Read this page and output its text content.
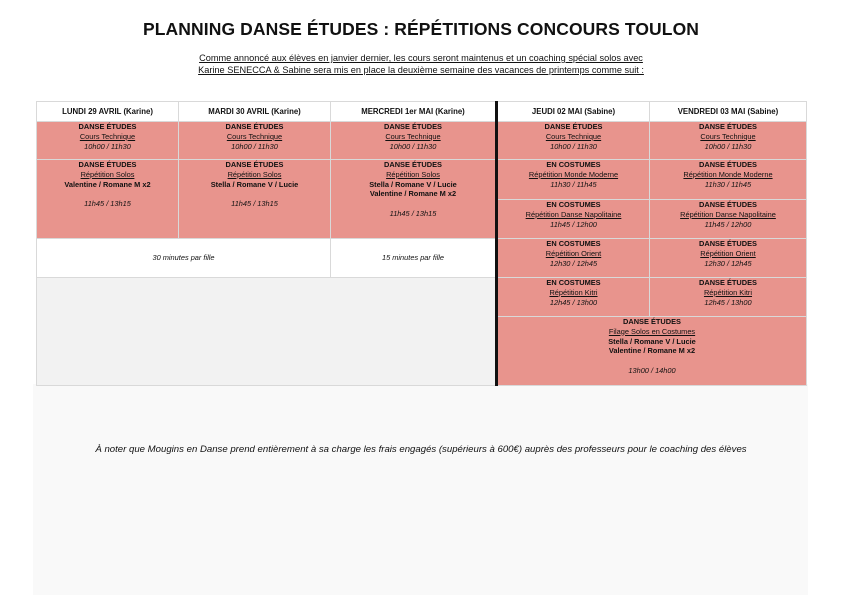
PLANNING DANSE ÉTUDES : RÉPÉTITIONS CONCOURS TOULON
Comme annoncé aux élèves en janvier dernier, les cours seront maintenus et un coaching spécial solos avec
Karine SENECCA & Sabine sera mis en place la deuxième semaine des vacances de printemps comme suit :
LUNDI 29 AVRIL (Karine)	MARDI 30 AVRIL (Karine)	MERCREDI 1er MAI (Karine)	JEUDI 02 MAI (Sabine)	VENDREDI 03 MAI (Sabine)

DANSE ÉTUDES
Cours Technique
10h00 / 11h30	DANSE ÉTUDES
Cours Technique
10h00 / 11h30	DANSE ÉTUDES
Cours Technique
10h00 / 11h30	DANSE ÉTUDES
Cours Technique
10h00 / 11h30	DANSE ÉTUDES
Cours Technique
10h00 / 11h30

DANSE ÉTUDES
Répétition Solos
Valentine / Romane M x2
11h45 / 13h15	DANSE ÉTUDES
Répétition Solos
Stella / Romane V / Lucie
11h45 / 13h15	DANSE ÉTUDES
Répétition Solos
Stella / Romane V / Lucie
Valentine / Romane M x2
11h45 / 13h15	EN COSTUMES
Répétition Monde Moderne
11h30 / 11h45	DANSE ÉTUDES
Répétition Monde Moderne
11h30 / 11h45

			EN COSTUMES
Répétition Danse Napolitaine
11h45 / 12h00	DANSE ÉTUDES
Répétition Danse Napolitaine
11h45 / 12h00

30 minutes par fille		15 minutes par fille	EN COSTUMES
Répétition Orient
12h30 / 12h45	DANSE ÉTUDES
Répétition Orient
12h30 / 12h45

			EN COSTUMES
Répétition Kitri
12h45 / 13h00	DANSE ÉTUDES
Répétition Kitri
12h45 / 13h00

			DANSE ÉTUDES
Filage Solos en Costumes
Stella / Romane V / Lucie
Valentine / Romane M x2
13h00 / 14h00	
À noter que Mougins en Danse prend entièrement à sa charge les frais engagés (supérieurs à 600€) auprès des professeurs pour le coaching des élèves
